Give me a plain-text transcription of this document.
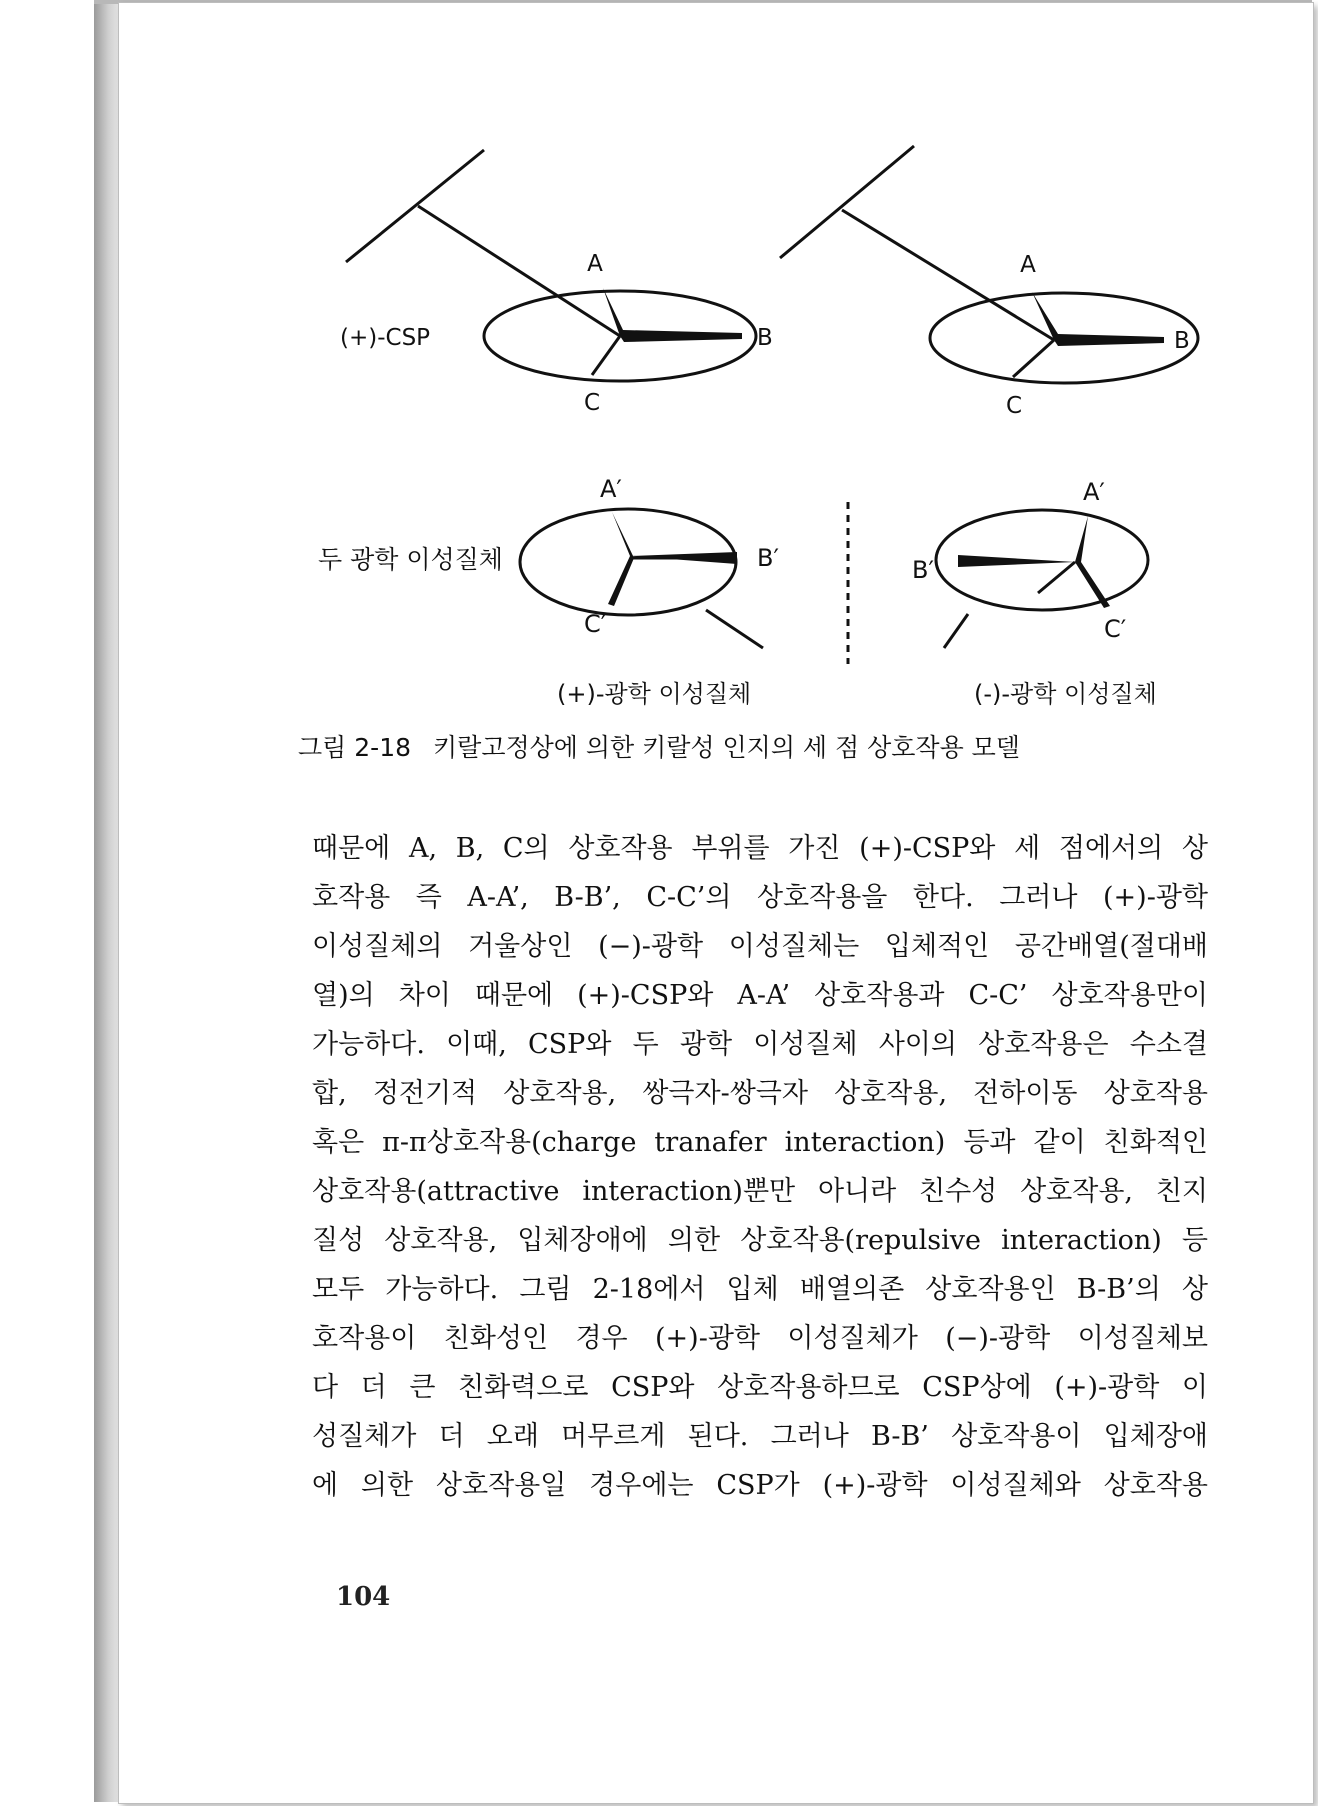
A
B
C
(+)-CSP
A
B
C
두 광학 이성질체
A′
B′
C′
A′
B′
C′
(+)-광학 이성질체	(-)-광학 이성질체
그림 2-18 키랄고정상에 의한 키랄성 인지의 세 점 상호작용 모델
때문에 A, B, C의 상호작용 부위를 가진 (+)-CSP와 세 점에서의 상
호작용 즉 A-A’, B-B’, C-C’의 상호작용을 한다. 그러나 (+)-광학
이성질체의 거울상인 (−)-광학 이성질체는 입체적인 공간배열(절대배
열)의 차이 때문에 (+)-CSP와 A-A’ 상호작용과 C-C’ 상호작용만이
가능하다. 이때, CSP와 두 광학 이성질체 사이의 상호작용은 수소결
합, 정전기적 상호작용, 쌍극자-쌍극자 상호작용, 전하이동 상호작용
혹은 π-π상호작용(charge tranafer interaction) 등과 같이 친화적인
상호작용(attractive interaction)뿐만 아니라 친수성 상호작용, 친지
질성 상호작용, 입체장애에 의한 상호작용(repulsive interaction) 등
모두 가능하다. 그림 2-18에서 입체 배열의존 상호작용인 B-B’의 상
호작용이 친화성인 경우 (+)-광학 이성질체가 (−)-광학 이성질체보
다 더 큰 친화력으로 CSP와 상호작용하므로 CSP상에 (+)-광학 이
성질체가 더 오래 머무르게 된다. 그러나 B-B’ 상호작용이 입체장애
에 의한 상호작용일 경우에는 CSP가 (+)-광학 이성질체와 상호작용
104
